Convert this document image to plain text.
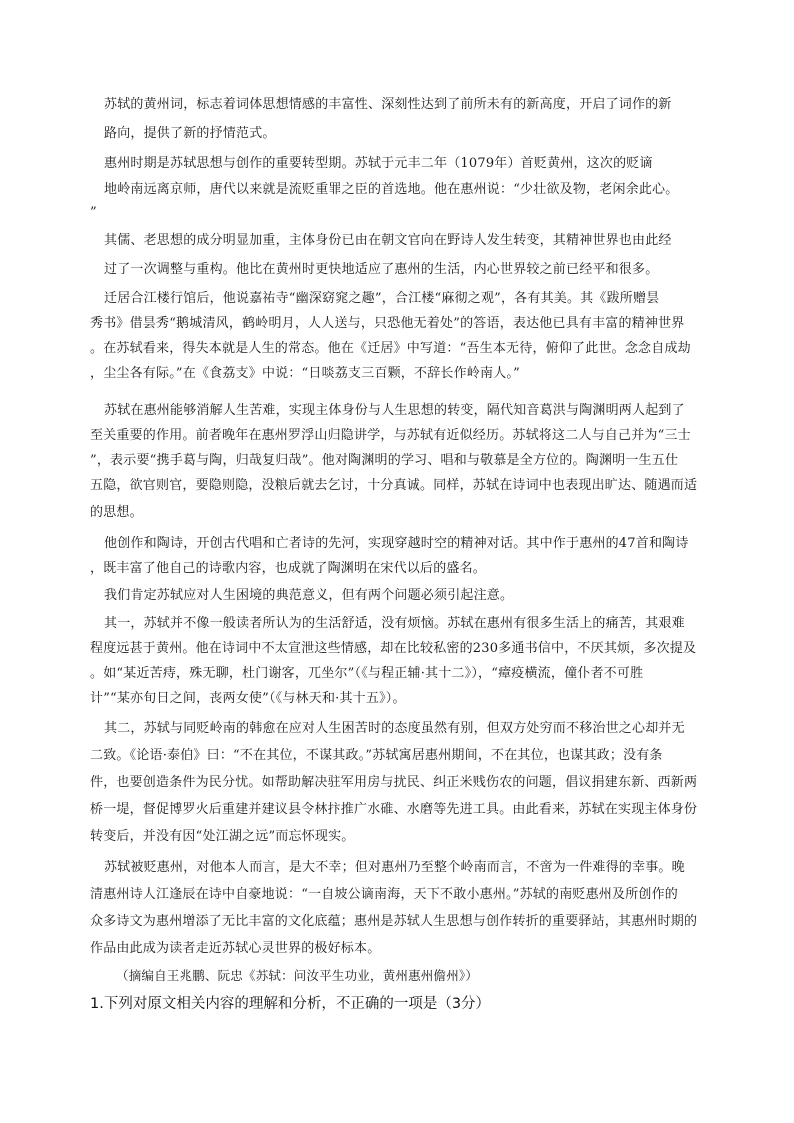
苏轼的黄州词，标志着词体思想情感的丰富性、深刻性达到了前所未有的新高度，开启了词作的新
路向，提供了新的抒情范式。
惠州时期是苏轼思想与创作的重要转型期。苏轼于元丰二年（1079年）首贬黄州，这次的贬谪
地岭南远离京师，唐代以来就是流贬重罪之臣的首选地。他在惠州说：“少壮欲及物，老闲余此心。
”
其儒、老思想的成分明显加重，主体身份已由在朝文官向在野诗人发生转变，其精神世界也由此经
过了一次调整与重构。他比在黄州时更快地适应了惠州的生活，内心世界较之前已经平和很多。
迁居合江楼行馆后，他说嘉祐寺“幽深窈窕之趣”，合江楼“麻彻之观”，各有其美。其《跋所赠昙
秀书》借昙秀“鹅城清风，鹤岭明月，人人送与，只恐他无着处”的答语，表达他已具有丰富的精神世界
。在苏轼看来，得失本就是人生的常态。他在《迁居》中写道：“吾生本无待，俯仰了此世。念念自成劫
，尘尘各有际。”在《食荔支》中说：“日啖荔支三百颗，不辞长作岭南人。”
苏轼在惠州能够消解人生苦难，实现主体身份与人生思想的转变，隔代知音葛洪与陶渊明两人起到了
至关重要的作用。前者晚年在惠州罗浮山归隐讲学，与苏轼有近似经历。苏轼将这二人与自己并为“三士
”，表示要“携手葛与陶，归哉复归哉”。他对陶渊明的学习、唱和与敬慕是全方位的。陶渊明一生五仕
五隐，欲官则官，要隐则隐，没粮后就去乞讨，十分真诚。同样，苏轼在诗词中也表现出旷达、随遇而适
的思想。
他创作和陶诗，开创古代唱和亡者诗的先河，实现穿越时空的精神对话。其中作于惠州的47首和陶诗
，既丰富了他自己的诗歌内容，也成就了陶渊明在宋代以后的盛名。
我们肯定苏轼应对人生困境的典范意义，但有两个问题必须引起注意。
其一，苏轼并不像一般读者所认为的生活舒适，没有烦恼。苏轼在惠州有很多生活上的痛苦，其艰难
程度远甚于黄州。他在诗词中不太宣泄这些情感，却在比较私密的230多通书信中，不厌其烦，多次提及
。如“某近苦痔，殊无聊，杜门谢客，兀坐尔”（《与程正辅·其十二》），“瘴疫横流，僮仆者不可胜
计”“某亦旬日之间，丧两女使”（《与林天和·其十五》）。
其二，苏轼与同贬岭南的韩愈在应对人生困苦时的态度虽然有别，但双方处穷而不移治世之心却并无
二致。《论语·泰伯》曰：“不在其位，不谋其政。”苏轼寓居惠州期间，不在其位，也谋其政；没有条
件，也要创造条件为民分忧。如帮助解决驻军用房与扰民、纠正米贱伤农的问题，倡议捐建东新、西新两
桥一堤，督促博罗火后重建并建议县令林抃推广水碓、水磨等先进工具。由此看来，苏轼在实现主体身份
转变后，并没有因“处江湖之远”而忘怀现实。
苏轼被贬惠州，对他本人而言，是大不幸；但对惠州乃至整个岭南而言，不啻为一件难得的幸事。晚
清惠州诗人江逢辰在诗中自豪地说：“一自坡公谪南海，天下不敢小惠州。”苏轼的南贬惠州及所创作的
众多诗文为惠州增添了无比丰富的文化底蕴；惠州是苏轼人生思想与创作转折的重要驿站，其惠州时期的
作品由此成为读者走近苏轼心灵世界的极好标本。
（摘编自王兆鹏、阮忠《苏轼：问汝平生功业，黄州惠州儋州》）
1.下列对原文相关内容的理解和分析，不正确的一项是（3分）
